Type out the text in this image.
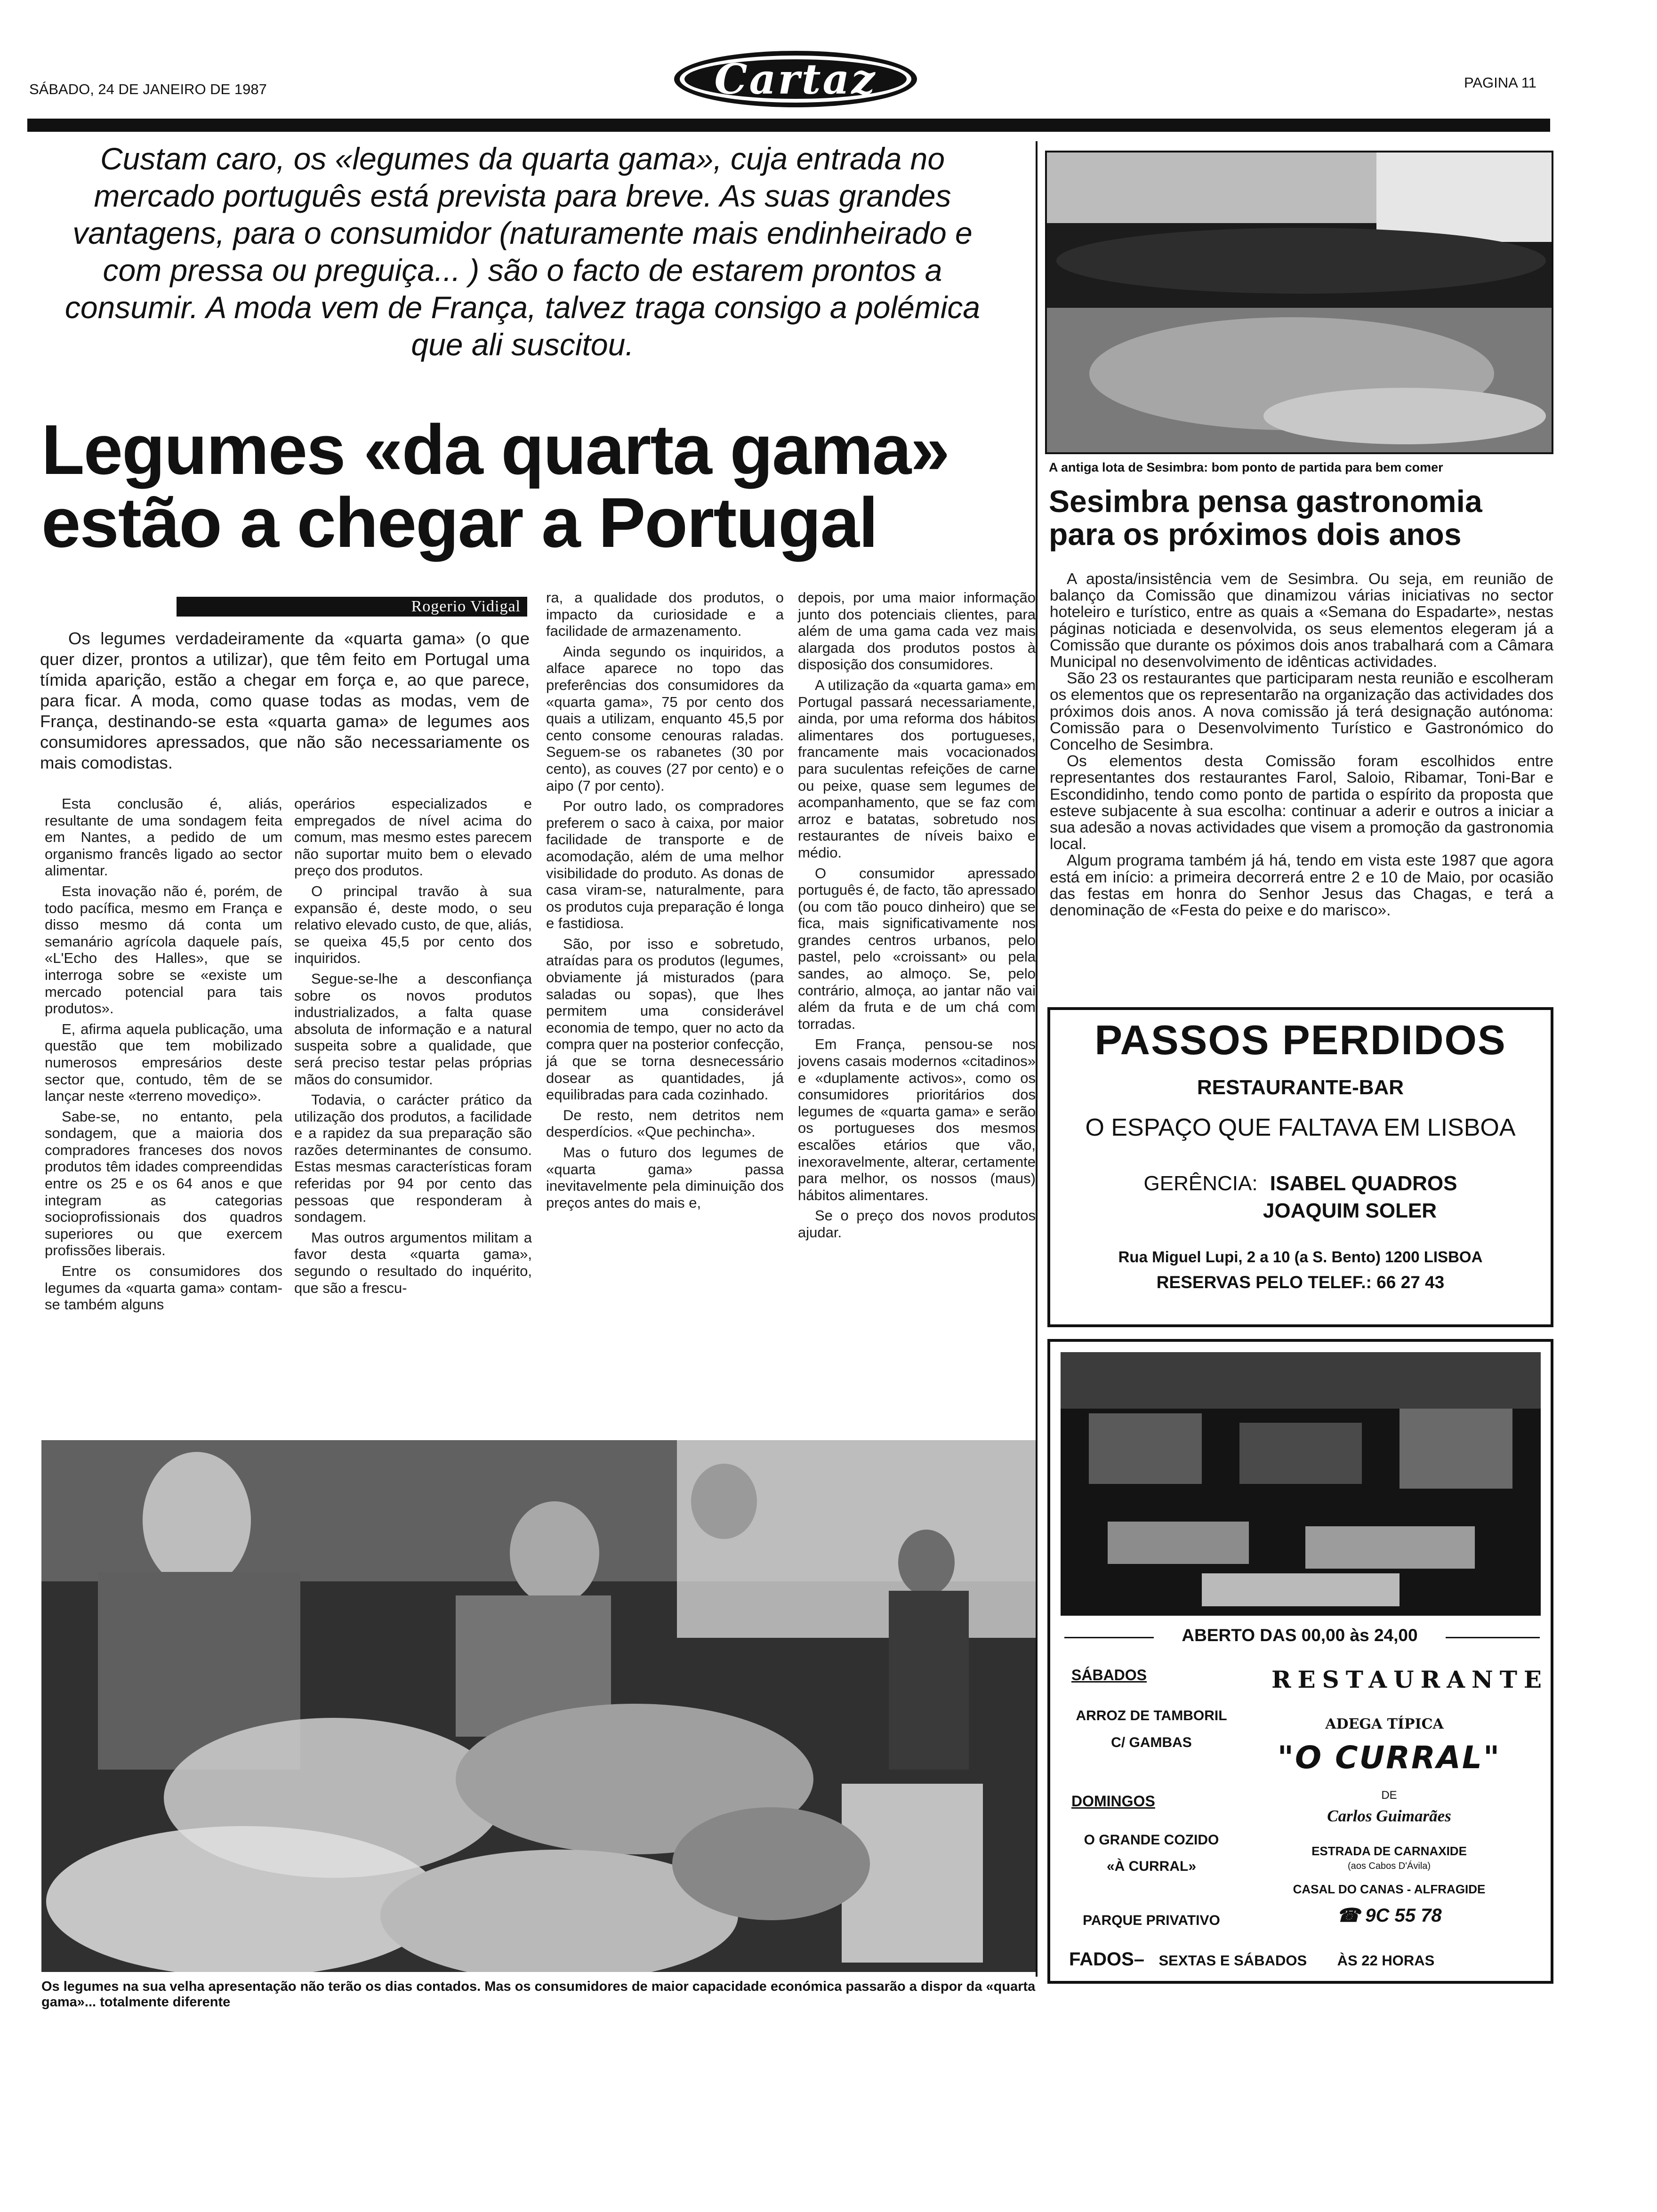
SÁBADO, 24 DE JANEIRO DE 1987	Cartaz	PAGINA 11
Custam caro, os «legumes da quarta gama», cuja entrada no mercado português está prevista para breve. As suas grandes vantagens, para o consumidor (naturamente mais endinheirado e com pressa ou preguiça... ) são o facto de estarem prontos a consumir. A moda vem de França, talvez traga consigo a polémica que ali suscitou.
Legumes «da quarta gama»
estão a chegar a Portugal
Rogerio Vidigal

Os legumes verdadeiramente da «quarta gama» (o que quer dizer, prontos a utilizar), que têm feito em Portugal uma tímida aparição, estão a chegar em força e, ao que parece, para ficar. A moda, como quase todas as modas, vem de França, destinando-se esta «quarta gama» de legumes aos consumidores apressados, que não são necessariamente os mais comodistas.

Esta conclusão é, aliás, resultante de uma sondagem feita em Nantes, a pedido de um organismo francês ligado ao sector alimentar.

Esta inovação não é, porém, de todo pacífica, mesmo em França e disso mesmo dá conta um semanário agrícola daquele país, «L'Echo des Halles», que se interroga sobre se «existe um mercado potencial para tais produtos».

E, afirma aquela publicação, uma questão que tem mobilizado numerosos empresários deste sector que, contudo, têm de se lançar neste «terreno movediço».

Sabe-se, no entanto, pela sondagem, que a maioria dos compradores franceses dos novos produtos têm idades compreendidas entre os 25 e os 64 anos e que integram as categorias socioprofissionais dos quadros superiores ou que exercem profissões liberais.

Entre os consumidores dos legumes da «quarta gama» contam-se também alguns

operários especializados e empregados de nível acima do comum, mas mesmo estes parecem não suportar muito bem o elevado preço dos produtos.

O principal travão à sua expansão é, deste modo, o seu relativo elevado custo, de que, aliás, se queixa 45,5 por cento dos inquiridos.

Segue-se-lhe a desconfiança sobre os novos produtos industrializados, a falta quase absoluta de informação e a natural suspeita sobre a qualidade, que será preciso testar pelas próprias mãos do consumidor.

Todavia, o carácter prático da utilização dos produtos, a facilidade e a rapidez da sua preparação são razões determinantes de consumo. Estas mesmas características foram referidas por 94 por cento das pessoas que responderam à sondagem.

Mas outros argumentos militam a favor desta «quarta gama», segundo o resultado do inquérito, que são a frescu-

ra, a qualidade dos produtos, o impacto da curiosidade e a facilidade de armazenamento.

Ainda segundo os inquiridos, a alface aparece no topo das preferências dos consumidores da «quarta gama», 75 por cento dos quais a utilizam, enquanto 45,5 por cento consome cenouras raladas. Seguem-se os rabanetes (30 por cento), as couves (27 por cento) e o aipo (7 por cento).

Por outro lado, os compradores preferem o saco à caixa, por maior facilidade de transporte e de acomodação, além de uma melhor visibilidade do produto. As donas de casa viram-se, naturalmente, para os produtos cuja preparação é longa e fastidiosa.

São, por isso e sobretudo, atraídas para os produtos (legumes, obviamente já misturados (para saladas ou sopas), que lhes permitem uma considerável economia de tempo, quer no acto da compra quer na posterior confecção, já que se torna desnecessário dosear as quantidades, já equilibradas para cada cozinhado.

De resto, nem detritos nem desperdícios. «Que pechincha».

Mas o futuro dos legumes de «quarta gama» passa inevitavelmente pela diminuição dos preços antes do mais e,

depois, por uma maior informação junto dos potenciais clientes, para além de uma gama cada vez mais alargada dos produtos postos à disposição dos consumidores.

A utilização da «quarta gama» em Portugal passará necessariamente, ainda, por uma reforma dos hábitos alimentares dos portugueses, francamente mais vocacionados para suculentas refeições de carne ou peixe, quase sem legumes de acompanhamento, que se faz com arroz e batatas, sobretudo nos restaurantes de níveis baixo e médio.

O consumidor apressado português é, de facto, tão apressado (ou com tão pouco dinheiro) que se fica, mais significativamente nos grandes centros urbanos, pelo pastel, pelo «croissant» ou pela sandes, ao almoço. Se, pelo contrário, almoça, ao jantar não vai além da fruta e de um chá com torradas.

Em França, pensou-se nos jovens casais modernos «citadinos» e «duplamente activos», como os consumidores prioritários dos legumes de «quarta gama» e serão os portugueses dos mesmos escalões etários que vão, inexoravelmente, alterar, certamente para melhor, os nossos (maus) hábitos alimentares.

Se o preço dos novos produtos ajudar.

Os legumes na sua velha apresentação não terão os dias contados. Mas os consumidores de maior capacidade económica passarão a dispor da «quarta gama»... totalmente diferente
A antiga lota de Sesimbra: bom ponto de partida para bem comer
Sesimbra pensa gastronomia
para os próximos dois anos

A aposta/insistência vem de Sesimbra. Ou seja, em reunião de balanço da Comissão que dinamizou várias iniciativas no sector hoteleiro e turístico, entre as quais a «Semana do Espadarte», nestas páginas noticiada e desenvolvida, os seus elementos elegeram já a Comissão que durante os póximos dois anos trabalhará com a Câmara Municipal no desenvolvimento de idênticas actividades.

São 23 os restaurantes que participaram nesta reunião e escolheram os elementos que os representarão na organização das actividades dos próximos dois anos. A nova comissão já terá designação autónoma: Comissão para o Desenvolvimento Turístico e Gastronómico do Concelho de Sesimbra.

Os elementos desta Comissão foram escolhidos entre representantes dos restaurantes Farol, Saloio, Ribamar, Toni-Bar e Escondidinho, tendo como ponto de partida o espírito da proposta que esteve subjacente à sua escolha: continuar a aderir e outros a iniciar a sua adesão a novas actividades que visem a promoção da gastronomia local.

Algum programa também já há, tendo em vista este 1987 que agora está em início: a primeira decorrerá entre 2 e 10 de Maio, por ocasião das festas em honra do Senhor Jesus das Chagas, e terá a denominação de «Festa do peixe e do marisco».

PASSOS PERDIDOS
RESTAURANTE-BAR
O ESPAÇO QUE FALTAVA EM LISBOA
GERÊNCIA: ISABEL QUADROS
JOAQUIM SOLER
Rua Miguel Lupi, 2 a 10 (a S. Bento) 1200 LISBOA
RESERVAS PELO TELEF.: 66 27 43
ABERTO DAS 00,00 às 24,00
SÁBADOS
ARROZ DE TAMBORIL
C/ GAMBAS
DOMINGOS
O GRANDE COZIDO
«À CURRAL»
PARQUE PRIVATIVO
RESTAURANTE
ADEGA TÍPICA
"O CURRAL"
DE
Carlos Guimarães
ESTRADA DE CARNAXIDE
(aos Cabos D'Ávila)
CASAL DO CANAS - ALFRAGIDE
☎ 9C 55 78
FADOS– SEXTAS E SÁBADOS ÀS 22 HORAS
